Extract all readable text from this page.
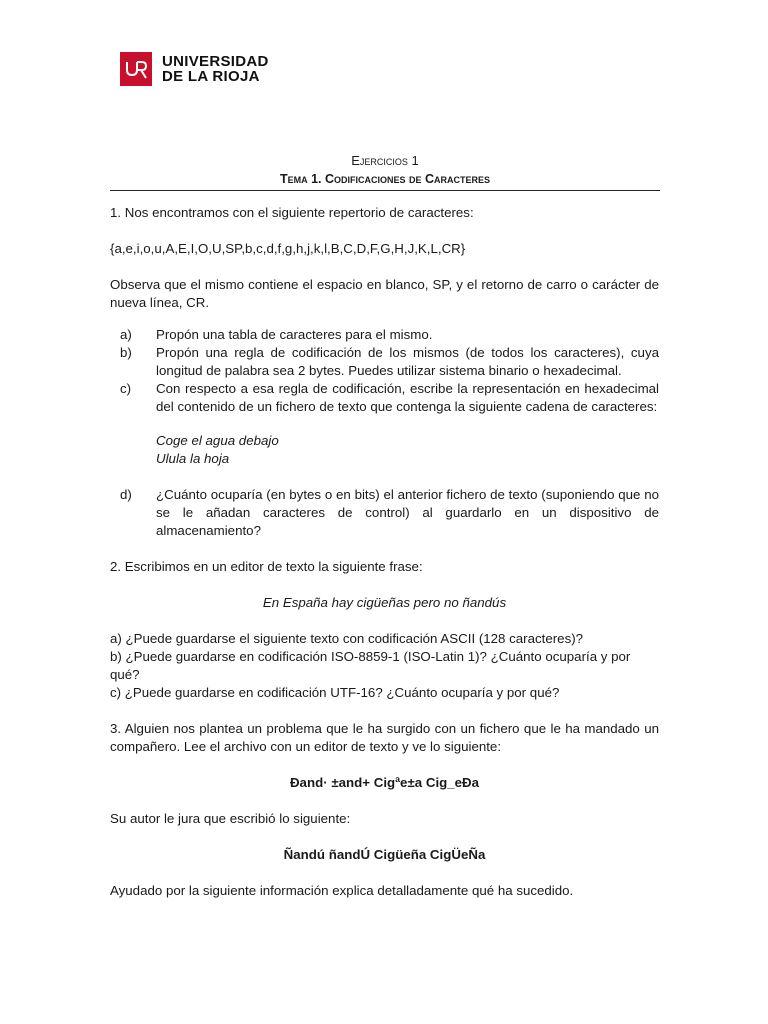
UNIVERSIDAD
DE LA RIOJA
Ejercicios 1
Tema 1. Codificaciones de Caracteres

1. Nos encontramos con el siguiente repertorio de caracteres:

{a,e,i,o,u,A,E,I,O,U,SP,b,c,d,f,g,h,j,k,l,B,C,D,F,G,H,J,K,L,CR}

Observa que el mismo contiene el espacio en blanco, SP, y el retorno de carro o carácter de nueva línea, CR.

a) Propón una tabla de caracteres para el mismo.
b) Propón una regla de codificación de los mismos (de todos los caracteres), cuya longitud de palabra sea 2 bytes. Puedes utilizar sistema binario o hexadecimal.
c) Con respecto a esa regla de codificación, escribe la representación en hexadecimal del contenido de un fichero de texto que contenga la siguiente cadena de caracteres:
Coge el agua debajo
Ulula la hoja
d) ¿Cuánto ocuparía (en bytes o en bits) el anterior fichero de texto (suponiendo que no se le añadan caracteres de control) al guardarlo en un dispositivo de almacenamiento?

2. Escribimos en un editor de texto la siguiente frase:

En España hay cigüeñas pero no ñandús

a) ¿Puede guardarse el siguiente texto con codificación ASCII (128 caracteres)?

b) ¿Puede guardarse en codificación ISO-8859-1 (ISO-Latin 1)? ¿Cuánto ocuparía y por qué?

c) ¿Puede guardarse en codificación UTF-16? ¿Cuánto ocuparía y por qué?

3. Alguien nos plantea un problema que le ha surgido con un fichero que le ha mandado un compañero. Lee el archivo con un editor de texto y ve lo siguiente:

Ðand· ±and+ Cigªe±a Cig_eÐa

Su autor le jura que escribió lo siguiente:

Ñandú ñandÚ Cigüeña CigÜeÑa

Ayudado por la siguiente información explica detalladamente qué ha sucedido.
